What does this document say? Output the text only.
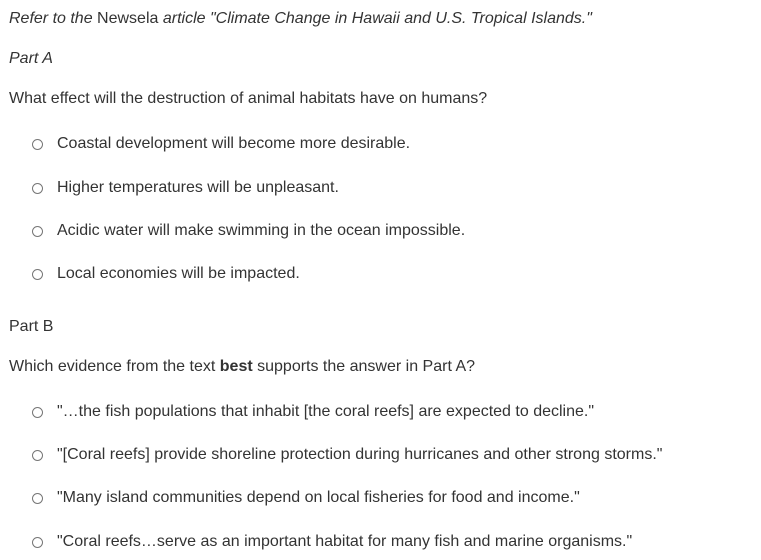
Refer to the Newsela article "Climate Change in Hawaii and U.S. Tropical Islands."
Part A
What effect will the destruction of animal habitats have on humans?
Coastal development will become more desirable.
Higher temperatures will be unpleasant.
Acidic water will make swimming in the ocean impossible.
Local economies will be impacted.
Part B
Which evidence from the text best supports the answer in Part A?
"…the fish populations that inhabit [the coral reefs] are expected to decline."
"[Coral reefs] provide shoreline protection during hurricanes and other strong storms."
"Many island communities depend on local fisheries for food and income."
"Coral reefs…serve as an important habitat for many fish and marine organisms."
